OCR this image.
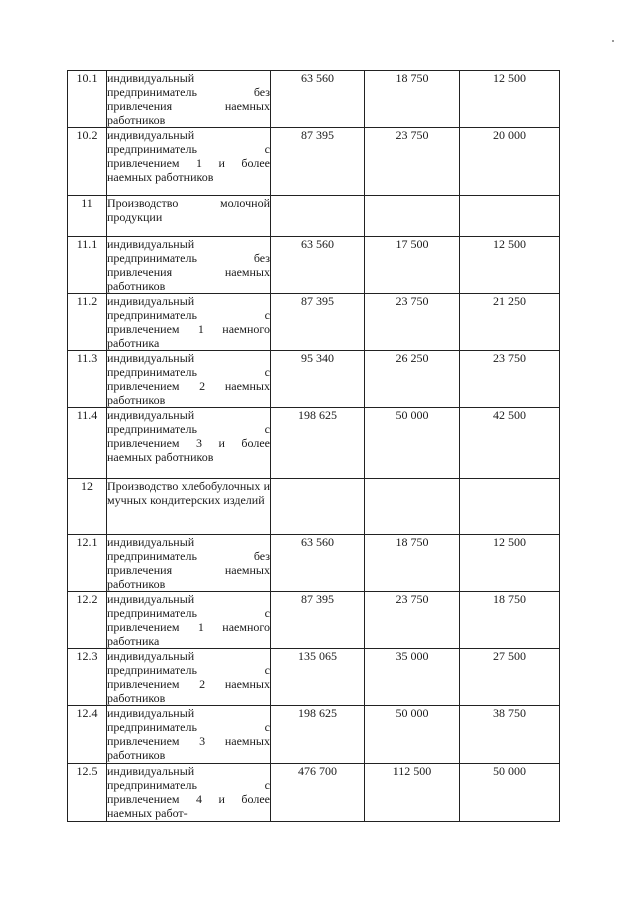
10.1	индивидуальный предприниматель без привлечения наемных работников	63 560	18 750	12 500
10.2	индивидуальный предприниматель с привлечением 1 и более наемных работников	87 395	23 750	20 000
11	Производство молочной продукции			
11.1	индивидуальный предприниматель без привлечения наемных работников	63 560	17 500	12 500
11.2	индивидуальный предприниматель с привлечением 1 наемного работника	87 395	23 750	21 250
11.3	индивидуальный предприниматель с привлечением 2 наемных работников	95 340	26 250	23 750
11.4	индивидуальный предприниматель с привлечением 3 и более наемных работников	198 625	50 000	42 500
12	Производство хлебобулочных и мучных кондитерских изделий			
12.1	индивидуальный предприниматель без привлечения наемных работников	63 560	18 750	12 500
12.2	индивидуальный предприниматель с привлечением 1 наемного работника	87 395	23 750	18 750
12.3	индивидуальный предприниматель с привлечением 2 наемных работников	135 065	35 000	27 500
12.4	индивидуальный предприниматель с привлечением 3 наемных работников	198 625	50 000	38 750
12.5	индивидуальный предприниматель с привлечением 4 и более наемных работ-	476 700	112 500	50 000
